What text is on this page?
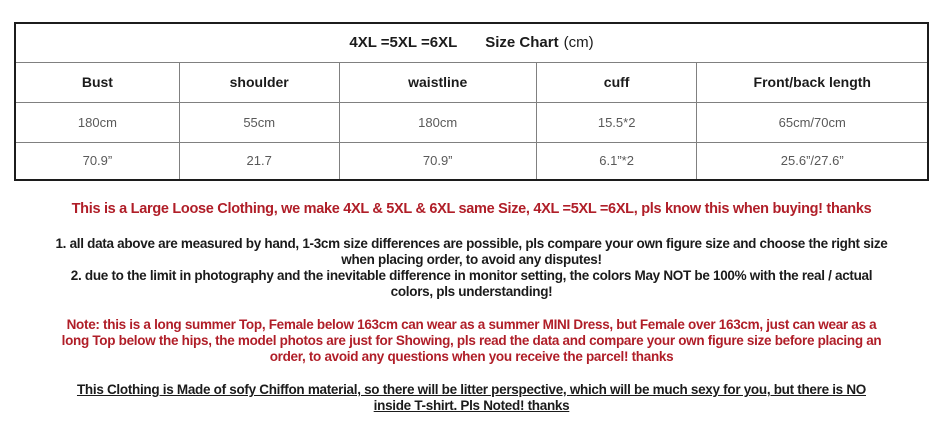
4XL =5XL =6XL Size Chart (cm)				
Bust	shoulder	waistline	cuff	Front/back length
180cm	55cm	180cm	15.5*2	65cm/70cm
70.9”	21.7	70.9”	6.1”*2	25.6”/27.6”
This is a Large Loose Clothing, we make 4XL & 5XL & 6XL same Size, 4XL =5XL =6XL, pls know this when buying! thanks
1. all data above are measured by hand, 1-3cm size differences are possible, pls compare your own figure size and choose the right size
when placing order, to avoid any disputes!
2. due to the limit in photography and the inevitable difference in monitor setting, the colors May NOT be 100% with the real / actual
colors, pls understanding!
Note: this is a long summer Top, Female below 163cm can wear as a summer MINI Dress, but Female over 163cm, just can wear as a
long Top below the hips, the model photos are just for Showing, pls read the data and compare your own figure size before placing an
order, to avoid any questions when you receive the parcel! thanks
This Clothing is Made of sofy Chiffon material, so there will be litter perspective, which will be much sexy for you, but there is NO
inside T-shirt. Pls Noted! thanks
